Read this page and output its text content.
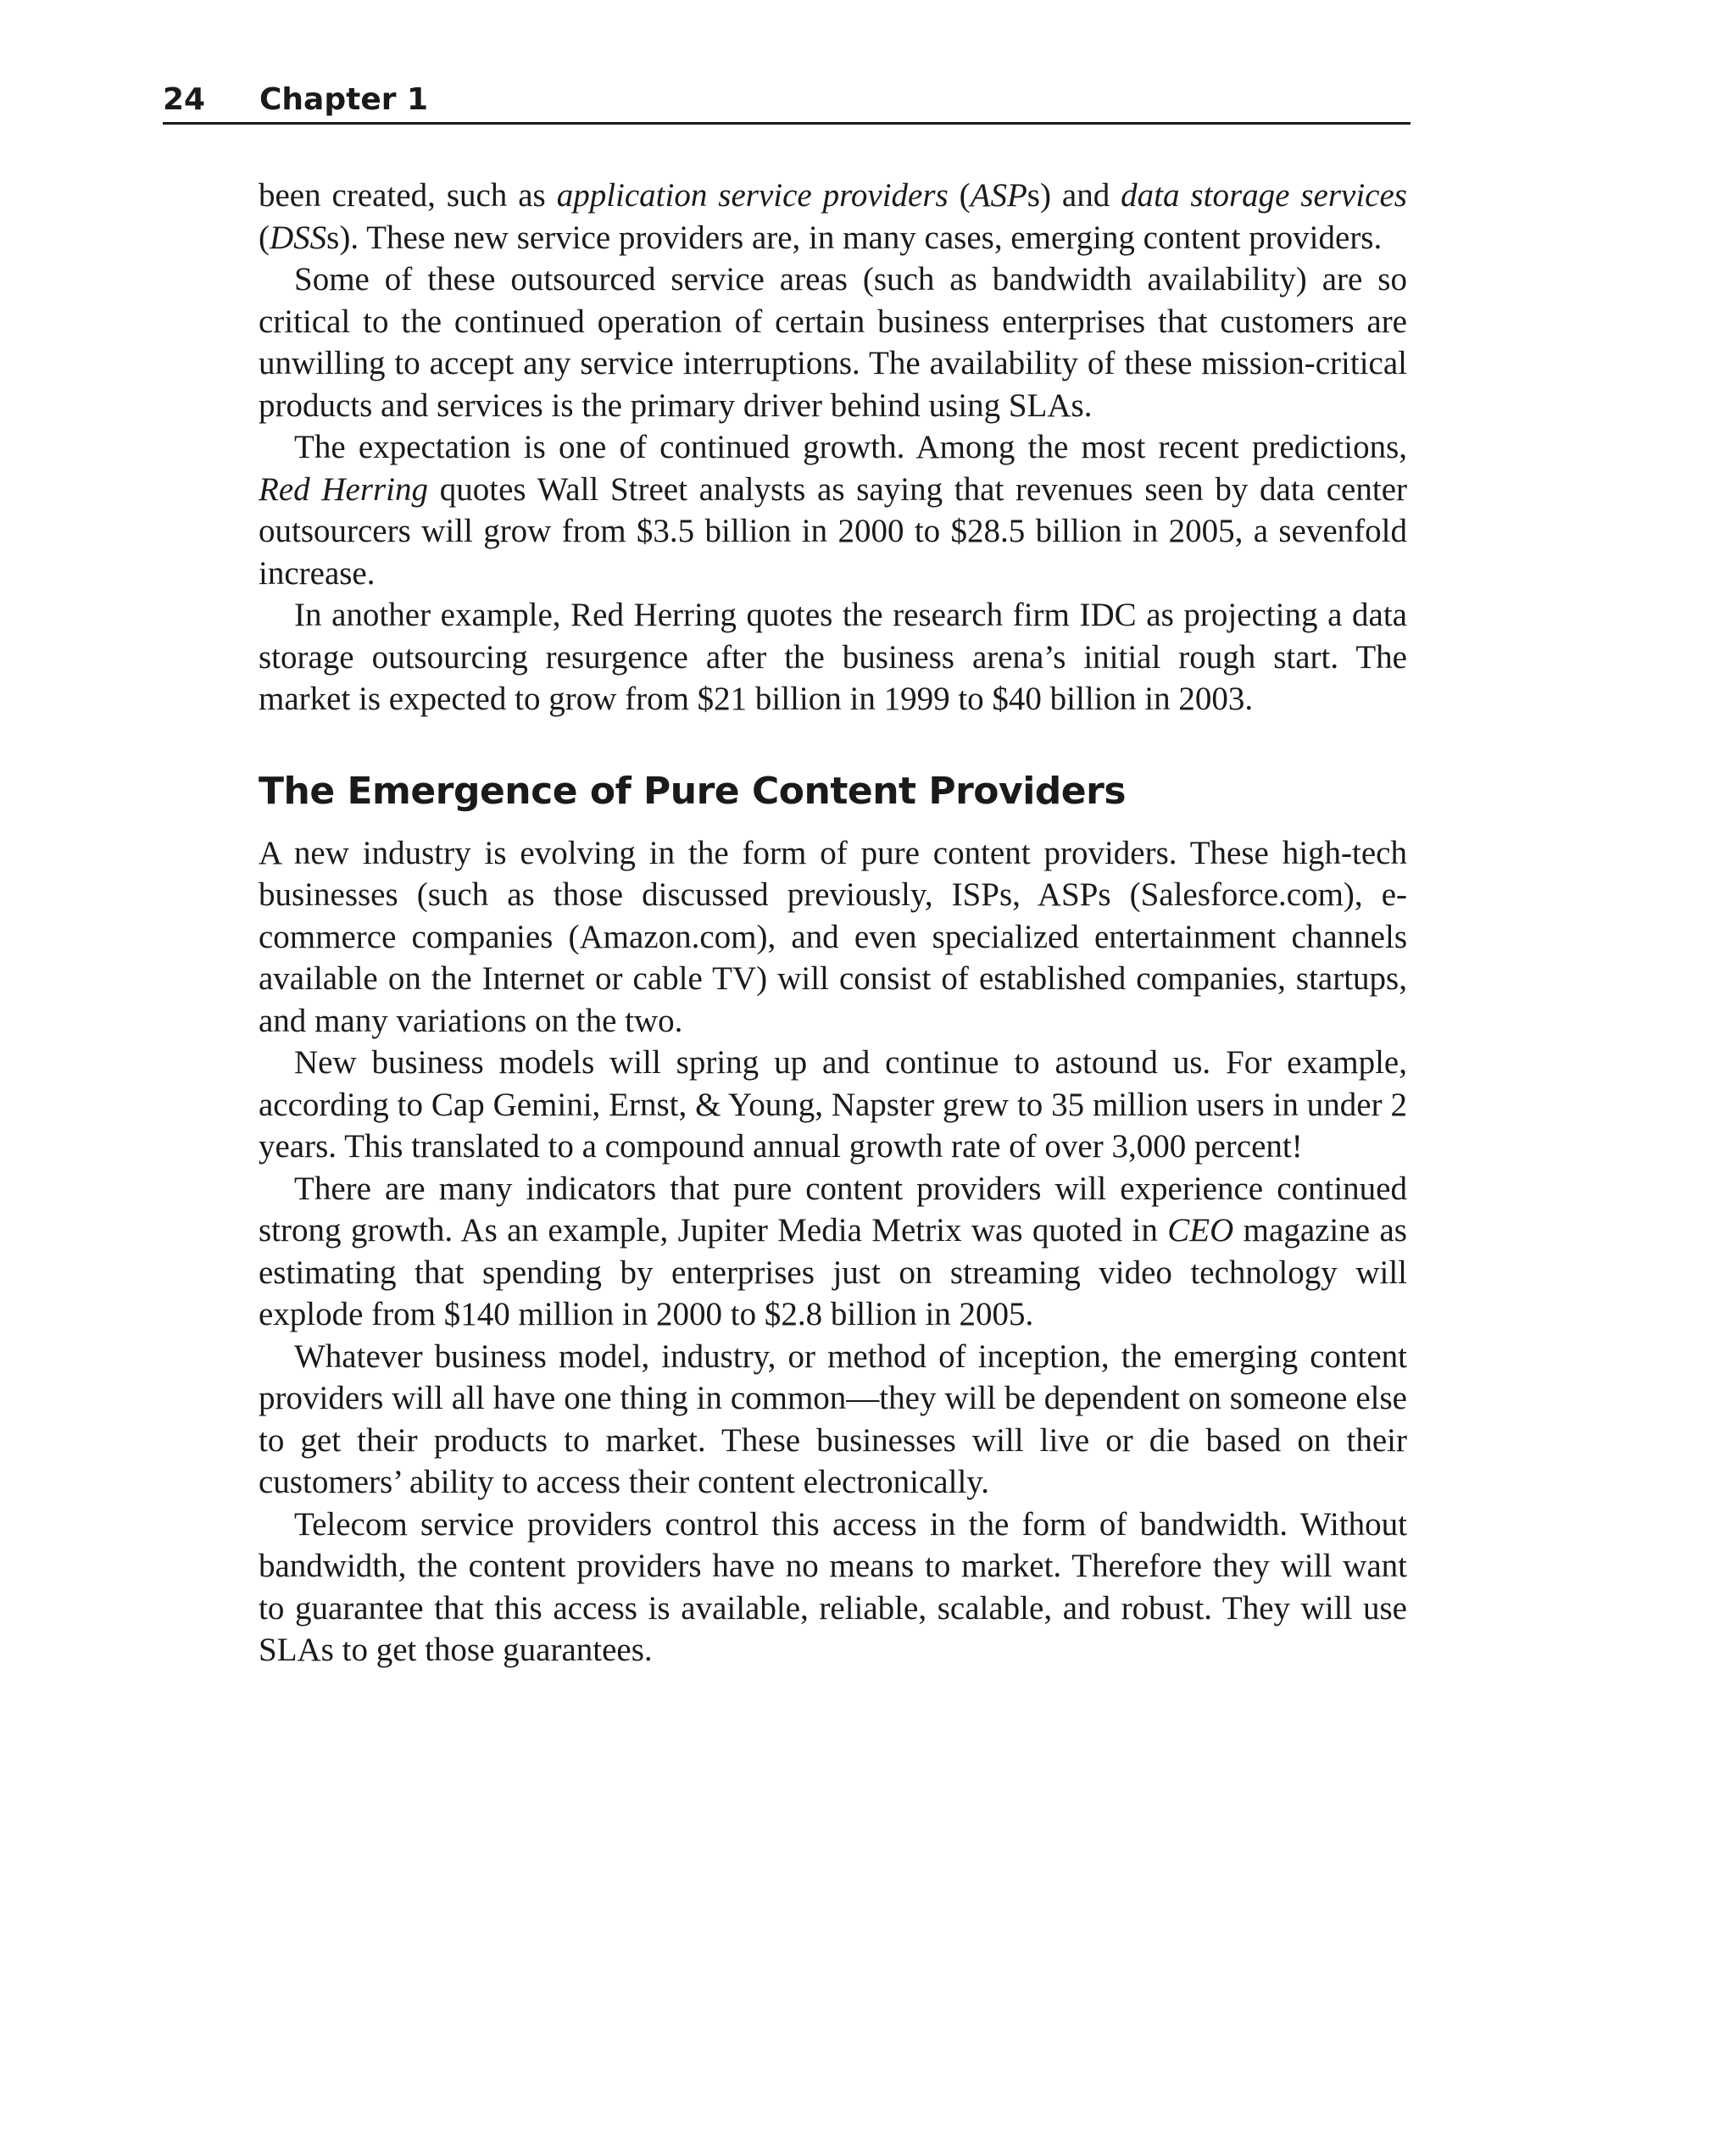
24 Chapter 1

been created, such as application service providers (ASPs) and data storage services (DSSs). These new service providers are, in many cases, emerging content providers.

Some of these outsourced service areas (such as bandwidth availability) are so critical to the continued operation of certain business enterprises that customers are unwilling to accept any service interruptions. The availability of these mission-critical products and services is the primary driver behind using SLAs.

The expectation is one of continued growth. Among the most recent predictions, Red Herring quotes Wall Street analysts as saying that revenues seen by data center outsourcers will grow from $3.5 billion in 2000 to $28.5 billion in 2005, a sevenfold increase.

In another example, Red Herring quotes the research firm IDC as projecting a data storage outsourcing resurgence after the business arena’s initial rough start. The market is expected to grow from $21 billion in 1999 to $40 billion in 2003.

The Emergence of Pure Content Providers

A new industry is evolving in the form of pure content providers. These high-tech businesses (such as those discussed previously, ISPs, ASPs (Salesforce.com), e-commerce companies (Amazon.com), and even specialized entertainment channels available on the Internet or cable TV) will consist of established companies, startups, and many variations on the two.

New business models will spring up and continue to astound us. For example, according to Cap Gemini, Ernst, & Young, Napster grew to 35 million users in under 2 years. This translated to a compound annual growth rate of over 3,000 percent!

There are many indicators that pure content providers will experience continued strong growth. As an example, Jupiter Media Metrix was quoted in CEO magazine as estimating that spending by enterprises just on streaming video technology will explode from $140 million in 2000 to $2.8 billion in 2005.

Whatever business model, industry, or method of inception, the emerging content providers will all have one thing in common—they will be dependent on someone else to get their products to market. These businesses will live or die based on their customers’ ability to access their content electronically.

Telecom service providers control this access in the form of bandwidth. Without bandwidth, the content providers have no means to market. Therefore they will want to guarantee that this access is available, reliable, scalable, and robust. They will use SLAs to get those guarantees.
